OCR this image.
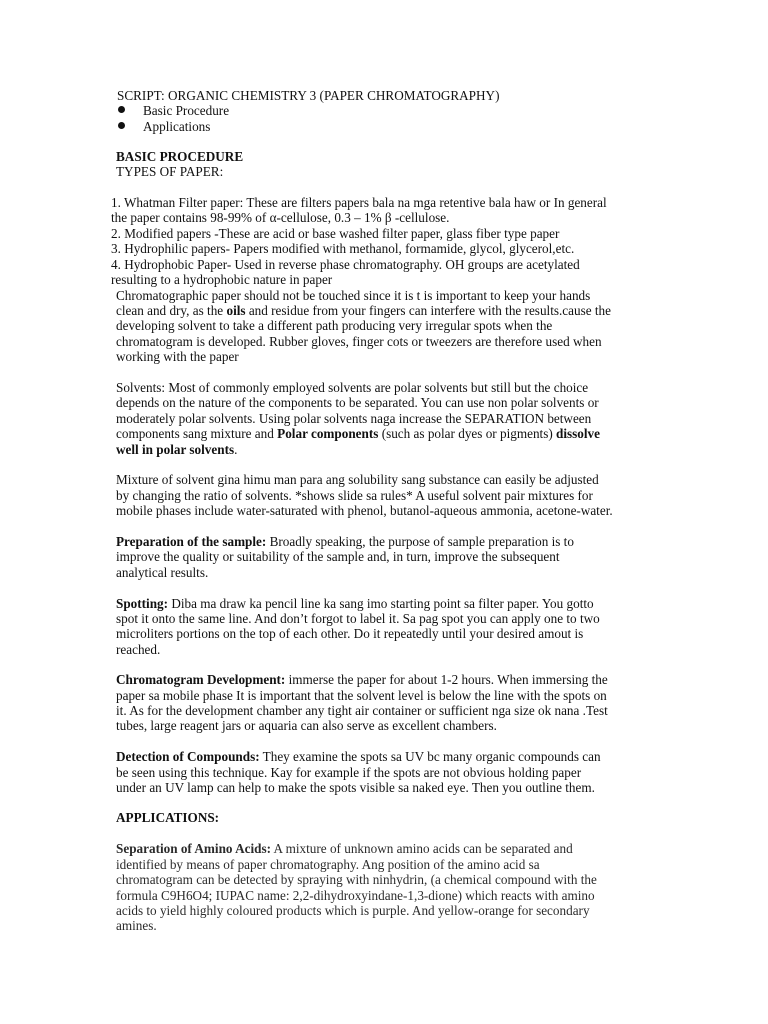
SCRIPT: ORGANIC CHEMISTRY 3 (PAPER CHROMATOGRAPHY)
Basic Procedure
Applications
BASIC PROCEDURE
TYPES OF PAPER:
1. Whatman Filter paper: These are filters papers bala na mga retentive bala haw or In general
the paper contains 98-99% of α-cellulose, 0.3 – 1% β -cellulose.
2. Modified papers -These are acid or base washed filter paper, glass fiber type paper
3. Hydrophilic papers- Papers modified with methanol, formamide, glycol, glycerol,etc.
4. Hydrophobic Paper- Used in reverse phase chromatography. OH groups are acetylated
resulting to a hydrophobic nature in paper
Chromatographic paper should not be touched since it is t is important to keep your hands
clean and dry, as the oils and residue from your fingers can interfere with the results.cause the
developing solvent to take a different path producing very irregular spots when the
chromatogram is developed. Rubber gloves, finger cots or tweezers are therefore used when
working with the paper
Solvents: Most of commonly employed solvents are polar solvents but still but the choice
depends on the nature of the components to be separated. You can use non polar solvents or
moderately polar solvents. Using polar solvents naga increase the SEPARATION between
components sang mixture and Polar components (such as polar dyes or pigments) dissolve
well in polar solvents.
Mixture of solvent gina himu man para ang solubility sang substance can easily be adjusted
by changing the ratio of solvents. *shows slide sa rules* A useful solvent pair mixtures for
mobile phases include water-saturated with phenol, butanol-aqueous ammonia, acetone-water.
Preparation of the sample: Broadly speaking, the purpose of sample preparation is to
improve the quality or suitability of the sample and, in turn, improve the subsequent
analytical results.
Spotting: Diba ma draw ka pencil line ka sang imo starting point sa filter paper. You gotto
spot it onto the same line. And don’t forgot to label it. Sa pag spot you can apply one to two
microliters portions on the top of each other. Do it repeatedly until your desired amout is
reached.
Chromatogram Development: immerse the paper for about 1-2 hours. When immersing the
paper sa mobile phase It is important that the solvent level is below the line with the spots on
it. As for the development chamber any tight air container or sufficient nga size ok nana .Test
tubes, large reagent jars or aquaria can also serve as excellent chambers.
Detection of Compounds: They examine the spots sa UV bc many organic compounds can
be seen using this technique. Kay for example if the spots are not obvious holding paper
under an UV lamp can help to make the spots visible sa naked eye. Then you outline them.
APPLICATIONS:
Separation of Amino Acids: A mixture of unknown amino acids can be separated and
identified by means of paper chromatography. Ang position of the amino acid sa
chromatogram can be detected by spraying with ninhydrin, (a chemical compound with the
formula C9H6O4; IUPAC name: 2,2-dihydroxyindane-1,3-dione) which reacts with amino
acids to yield highly coloured products which is purple. And yellow-orange for secondary
amines.
